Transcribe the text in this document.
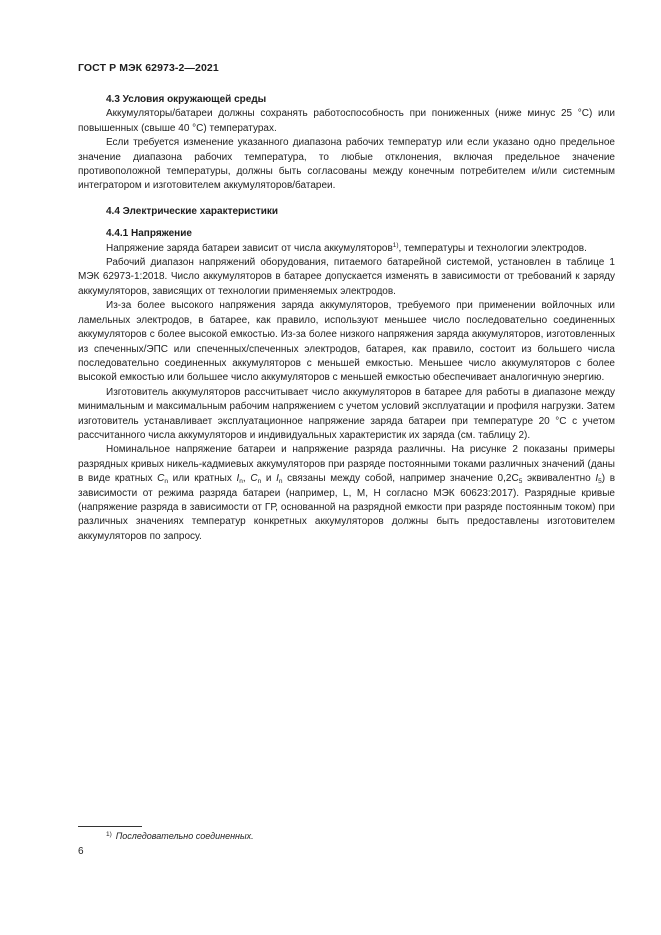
ГОСТ Р МЭК 62973-2—2021
4.3 Условия окружающей среды

Аккумуляторы/батареи должны сохранять работоспособность при пониженных (ниже минус 25 °C) или повышенных (свыше 40 °C) температурах.

Если требуется изменение указанного диапазона рабочих температур или если указано одно предельное значение диапазона рабочих температура, то любые отклонения, включая предельное значение противоположной температуры, должны быть согласованы между конечным потребителем и/или системным интегратором и изготовителем аккумуляторов/батареи.

4.4 Электрические характеристики
4.4.1 Напряжение

Напряжение заряда батареи зависит от числа аккумуляторов$^{1)}$, температуры и технологии электродов.

Рабочий диапазон напряжений оборудования, питаемого батарейной системой, установлен в таблице 1 МЭК 62973-1:2018. Число аккумуляторов в батарее допускается изменять в зависимости от требований к заряду аккумуляторов, зависящих от технологии применяемых электродов.

Из-за более высокого напряжения заряда аккумуляторов, требуемого при применении войлочных или ламельных электродов, в батарее, как правило, используют меньшее число последовательно соединенных аккумуляторов с более высокой емкостью. Из-за более низкого напряжения заряда аккумуляторов, изготовленных из спеченных/ЭПС или спеченных/спеченных электродов, батарея, как правило, состоит из большего числа последовательно соединенных аккумуляторов с меньшей емкостью. Меньшее число аккумуляторов с более высокой емкостью или большее число аккумуляторов с меньшей емкостью обеспечивает аналогичную энергию.

Изготовитель аккумуляторов рассчитывает число аккумуляторов в батарее для работы в диапазоне между минимальным и максимальным рабочим напряжением с учетом условий эксплуатации и профиля нагрузки. Затем изготовитель устанавливает эксплуатационное напряжение заряда батареи при температуре 20 °C с учетом рассчитанного числа аккумуляторов и индивидуальных характеристик их заряда (см. таблицу 2).

Номинальное напряжение батареи и напряжение разряда различны. На рисунке 2 показаны примеры разрядных кривых никель-кадмиевых аккумуляторов при разряде постоянными токами различных значений (даны в виде кратных $C_n$ или кратных $I_n$, $C_n$ и $I_n$ связаны между собой, например значение $0,2C_5$ эквивалентно $I_5$) в зависимости от режима разряда батареи (например, L, M, H согласно МЭК 60623:2017). Разрядные кривые (напряжение разряда в зависимости от ГР, основанной на разрядной емкости при разряде постоянным током) при различных значениях температур конкретных аккумуляторов должны быть предоставлены изготовителем аккумуляторов по запросу.

$^{1)}$ Последовательно соединенных.
6
